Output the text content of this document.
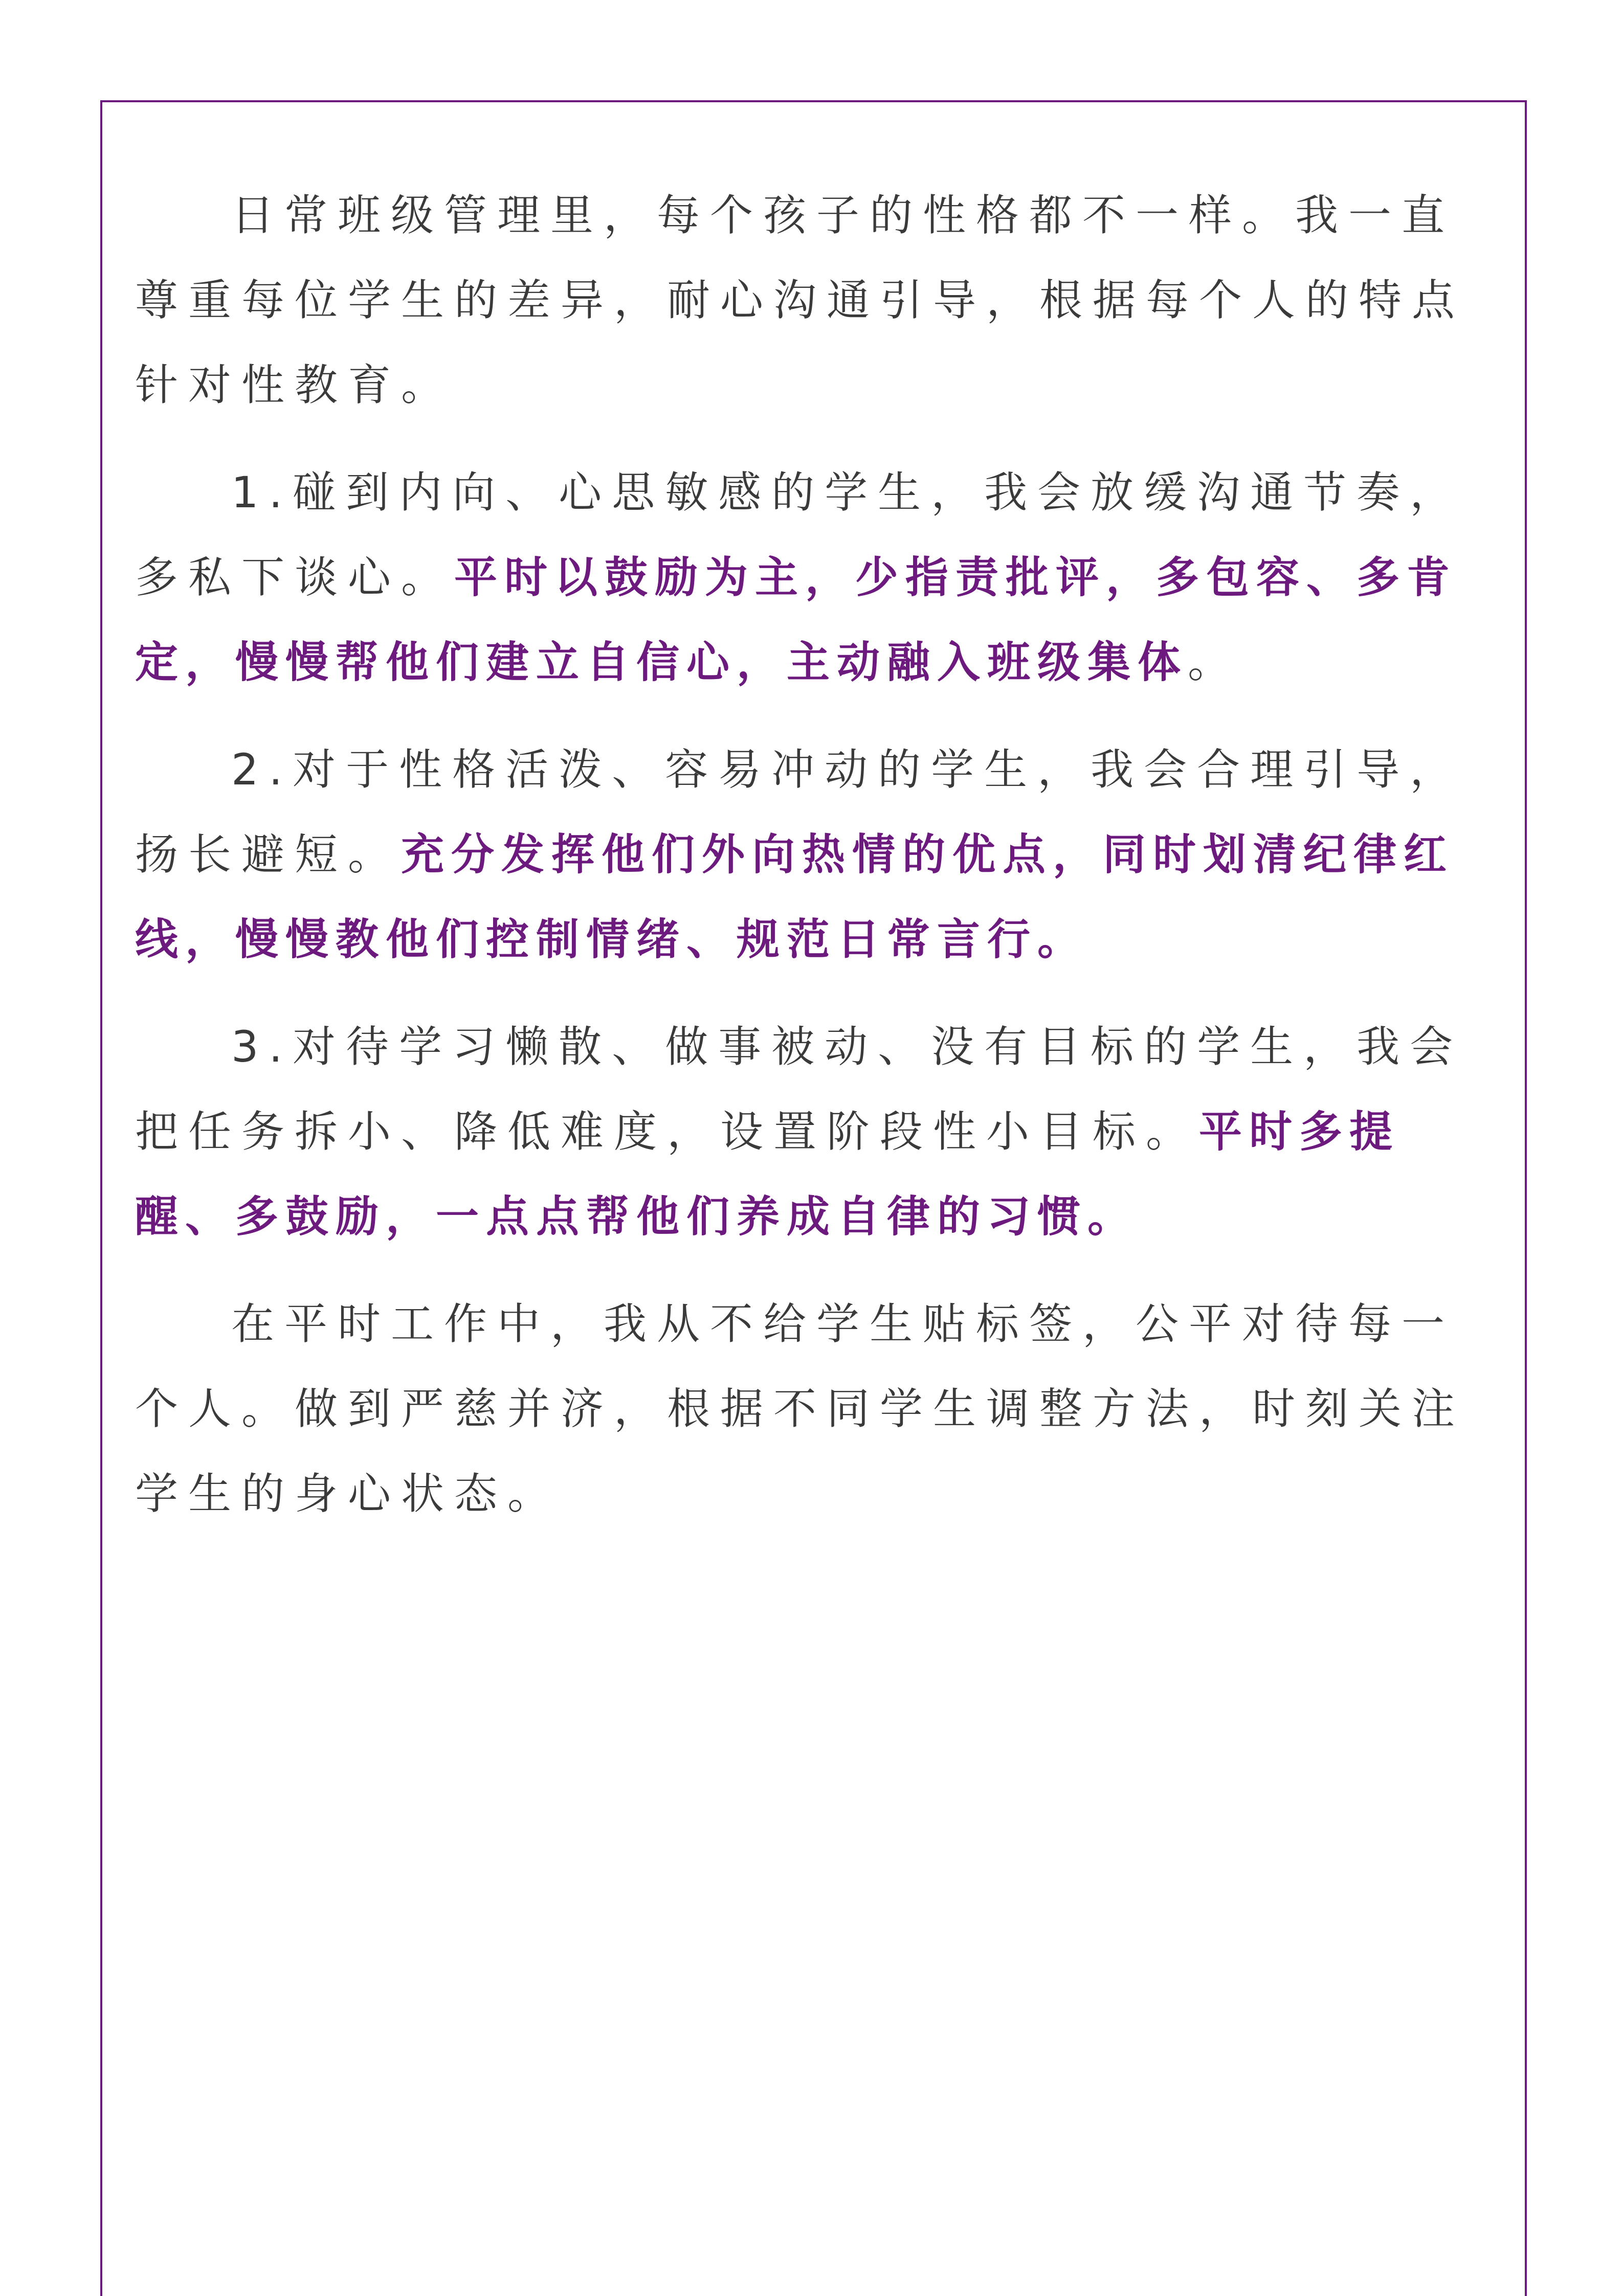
日常班级管理里，每个孩子的性格都不一样。我一直尊重每位学生的差异，耐心沟通引导，根据每个人的特点针对性教育。

1.碰到内向、心思敏感的学生，我会放缓沟通节奏，多私下谈心。平时以鼓励为主，少指责批评，多包容、多肯定，慢慢帮他们建立自信心，主动融入班级集体。

2.对于性格活泼、容易冲动的学生，我会合理引导，扬长避短。充分发挥他们外向热情的优点，同时划清纪律红线，慢慢教他们控制情绪、规范日常言行。

3.对待学习懒散、做事被动、没有目标的学生，我会把任务拆小、降低难度，设置阶段性小目标。平时多提醒、多鼓励，一点点帮他们养成自律的习惯。

在平时工作中，我从不给学生贴标签，公平对待每一个人。做到严慈并济，根据不同学生调整方法，时刻关注学生的身心状态。
